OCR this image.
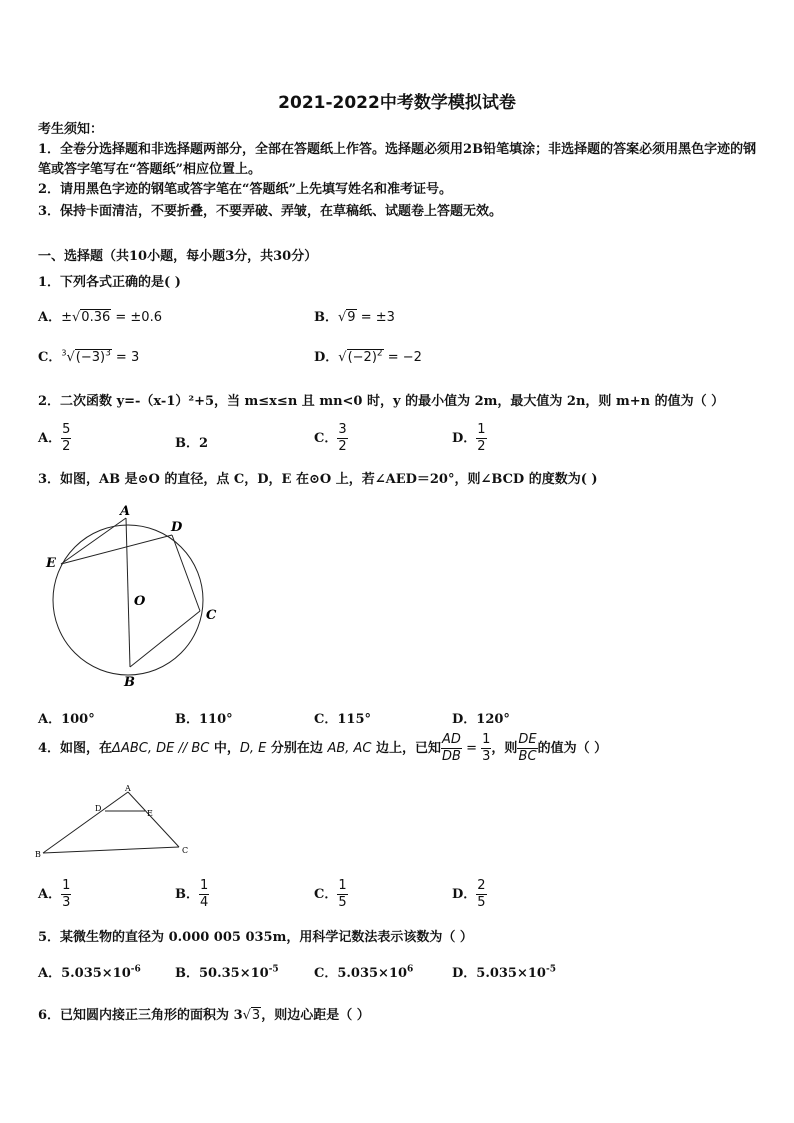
2021-2022中考数学模拟试卷
考生须知：
1．全卷分选择题和非选择题两部分，全部在答题纸上作答。选择题必须用2B铅笔填涂；非选择题的答案必须用黑色字迹的钢笔或答字笔写在“答题纸”相应位置上。
2．请用黑色字迹的钢笔或答字笔在“答题纸”上先填写姓名和准考证号。
3．保持卡面清洁，不要折叠，不要弄破、弄皱，在草稿纸、试题卷上答题无效。
一、选择题（共10小题，每小题3分，共30分）
1．下列各式正确的是( )
A．±√0.36 = ±0.6	B．√9 = ±3
C．$^3√(-3)^3 = 3$	D．$√(-2)^2 = -2$
2．二次函数 y=-（x-1）²+5，当 m≤x≤n 且 mn<0 时，y 的最小值为 2m，最大值为 2n，则 m+n 的值为（ ）
A． $\frac{5}{2}$	B．2	C． $\frac{3}{2}$	D． $\frac{1}{2}$
3．如图，AB 是⊙O 的直径，点 C，D，E 在⊙O 上，若∠AED＝20°，则∠BCD 的度数为( )
A
D
E
O
C
B
A．100°	B．110°	C．115°	D．120°
4．如图，在ΔABC, DE // BC 中，D, E 分别在边 AB, AC 边上，已知 $\frac{AD}{DB} = \frac{1}{3}$ ，则 $\frac{DE}{BC}$ 的值为（ ）
A
D
E
B	C
A． $\frac{1}{3}$	B． $\frac{1}{4}$	C． $\frac{1}{5}$	D． $\frac{2}{5}$
5．某微生物的直径为 0.000 005 035m，用科学记数法表示该数为（ ）
A．$5.035\times 10^{-6}$	B．$50.35\times 10^{-5}$	C．$5.035\times 10^6$	D．$5.035\times 10^{-5}$
6．已知圆内接正三角形的面积为 3√3，则边心距是（ ）
